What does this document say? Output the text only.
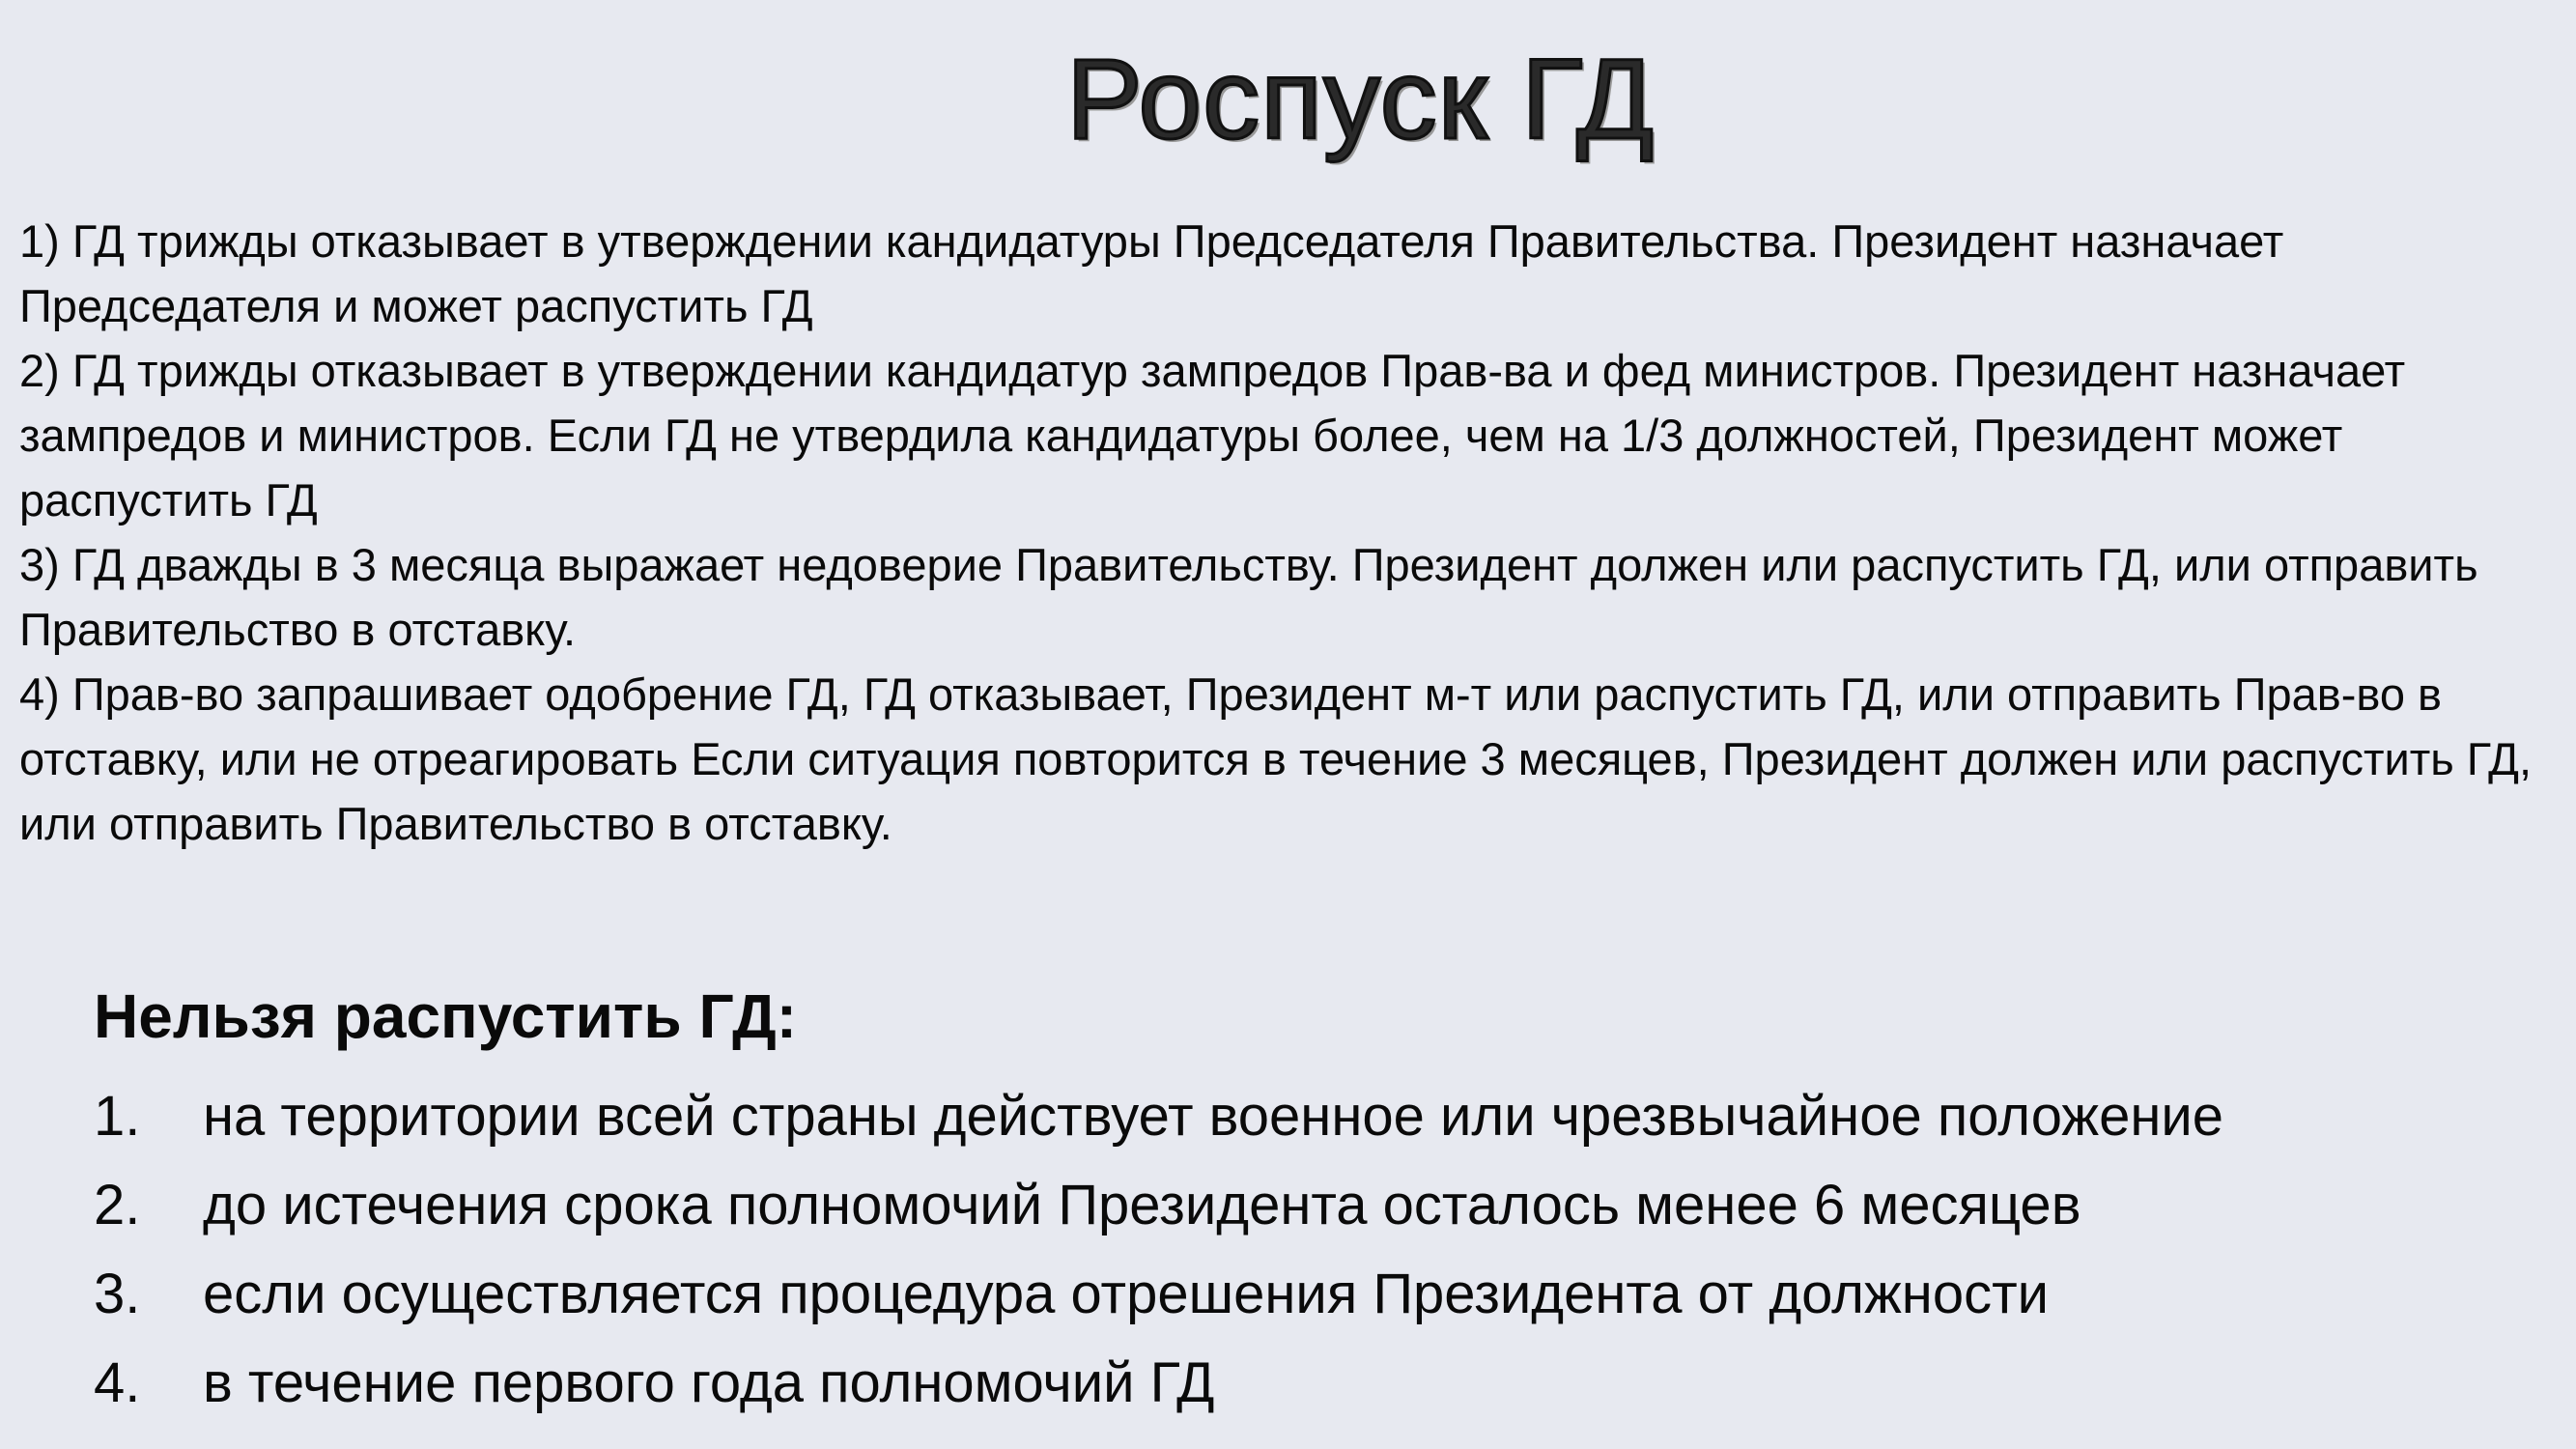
Роспуск ГД

1) ГД трижды отказывает в утверждении кандидатуры Председателя Правительства. Президент назначает Председателя и может распустить ГД

2) ГД трижды отказывает в утверждении кандидатур зампредов Прав-ва и фед министров. Президент назначает зампредов и министров. Если ГД не утвердила кандидатуры более, чем на 1/3 должностей, Президент может распустить ГД

3) ГД дважды в 3 месяца выражает недоверие Правительству. Президент должен или распустить ГД, или отправить Правительство в отставку.

4) Прав-во запрашивает одобрение ГД, ГД отказывает, Президент м-т или распустить ГД, или отправить Прав-во в отставку, или не отреагировать Если ситуация повторится в течение 3 месяцев, Президент должен или распустить ГД, или отправить Правительство в отставку.

Нельзя распустить ГД:
1.	на территории всей страны действует военное или чрезвычайное положение
2.	до истечения срока полномочий Президента осталось менее 6 месяцев
3.	если осуществляется процедура отрешения Президента от должности
4.	в течение первого года полномочий ГД
